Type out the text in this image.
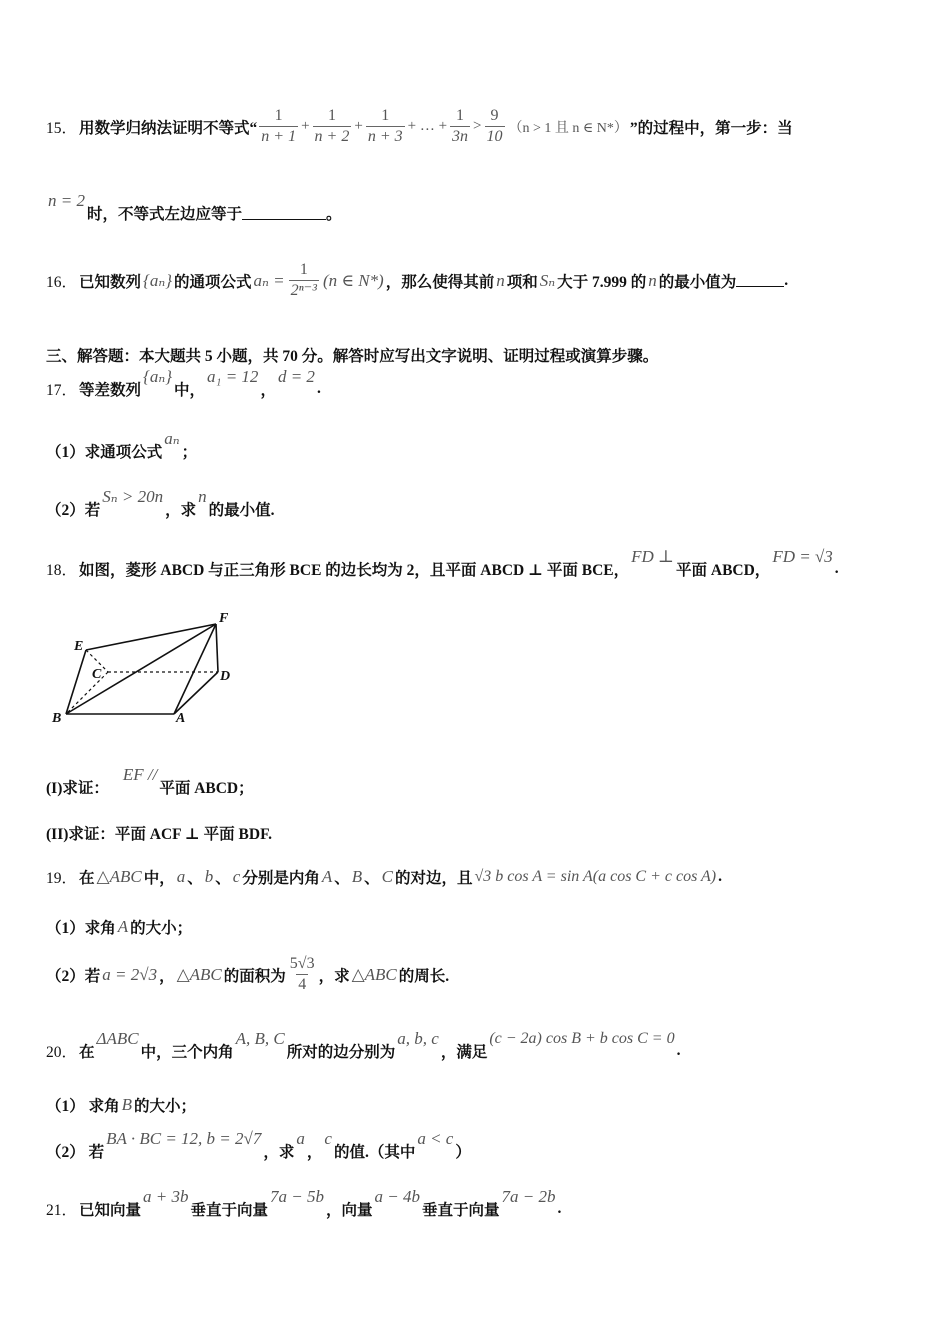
15． 用数学归纳法证明不等式“ $\frac{1}{n + 1} + \frac{1}{n + 2} + \frac{1}{n + 3}$ + … + $\frac{1}{3n} > \frac{9}{10} (n > 1$ 且 n ∈ N*） ”的过程中，第一步：当
n = 2
时，不等式左边应等于	。
16． 已知数列 {aₙ} 的通项公式 $a_n = \frac{1}{\text{2ⁿ⁻³}} (n$ ∈ N*) ，那么使得其前 n 项和 Sₙ 大于 7.999 的 n 的最小值为	.
三、解答题：本大题共 5 小题，共 70 分。解答时应写出文字说明、证明过程或演算步骤。
17． 等差数列
{aₙ}
中，
a₁ = 12
，
d = 2
.
（1）求通项公式
aₙ
；
（2）若
Sₙ > 20n
，求
n
的最小值.
18． 如图，菱形 ABCD 与正三角形 BCE 的边长均为 2，且平面 ABCD ⊥ 平面 BCE，
FD ⊥
平面 ABCD，
FD = √3
.
E
F
C	D
B	A
(I)求证：
EF //
平面 ABCD；
(II)求证：平面 ACF ⊥ 平面 BDF.
19． 在 △ABC 中， a 、 b 、 c 分别是内角 A 、 B 、 C 的对边，且 √3 b cos A = sin A(a cos C + c cos A) .
（1）求角 A 的大小；
（2）若 a = 2√3 ， △ABC 的面积为 $\frac{5√3}{4}$ ，求 △ABC 的周长.
20． 在
ΔABC
中，三个内角
A, B, C
所对的边分别为
a, b, c
，满足
(c − 2a) cos B + b cos C = 0
.
（1） 求角 B 的大小；
（2） 若
BA · BC = 12, b = 2√7
，求
a
，
c
的值.（其中
a < c
）
21． 已知向量
a + 3b
垂直于向量
7a − 5b
，向量
a − 4b
垂直于向量
7a − 2b
.
